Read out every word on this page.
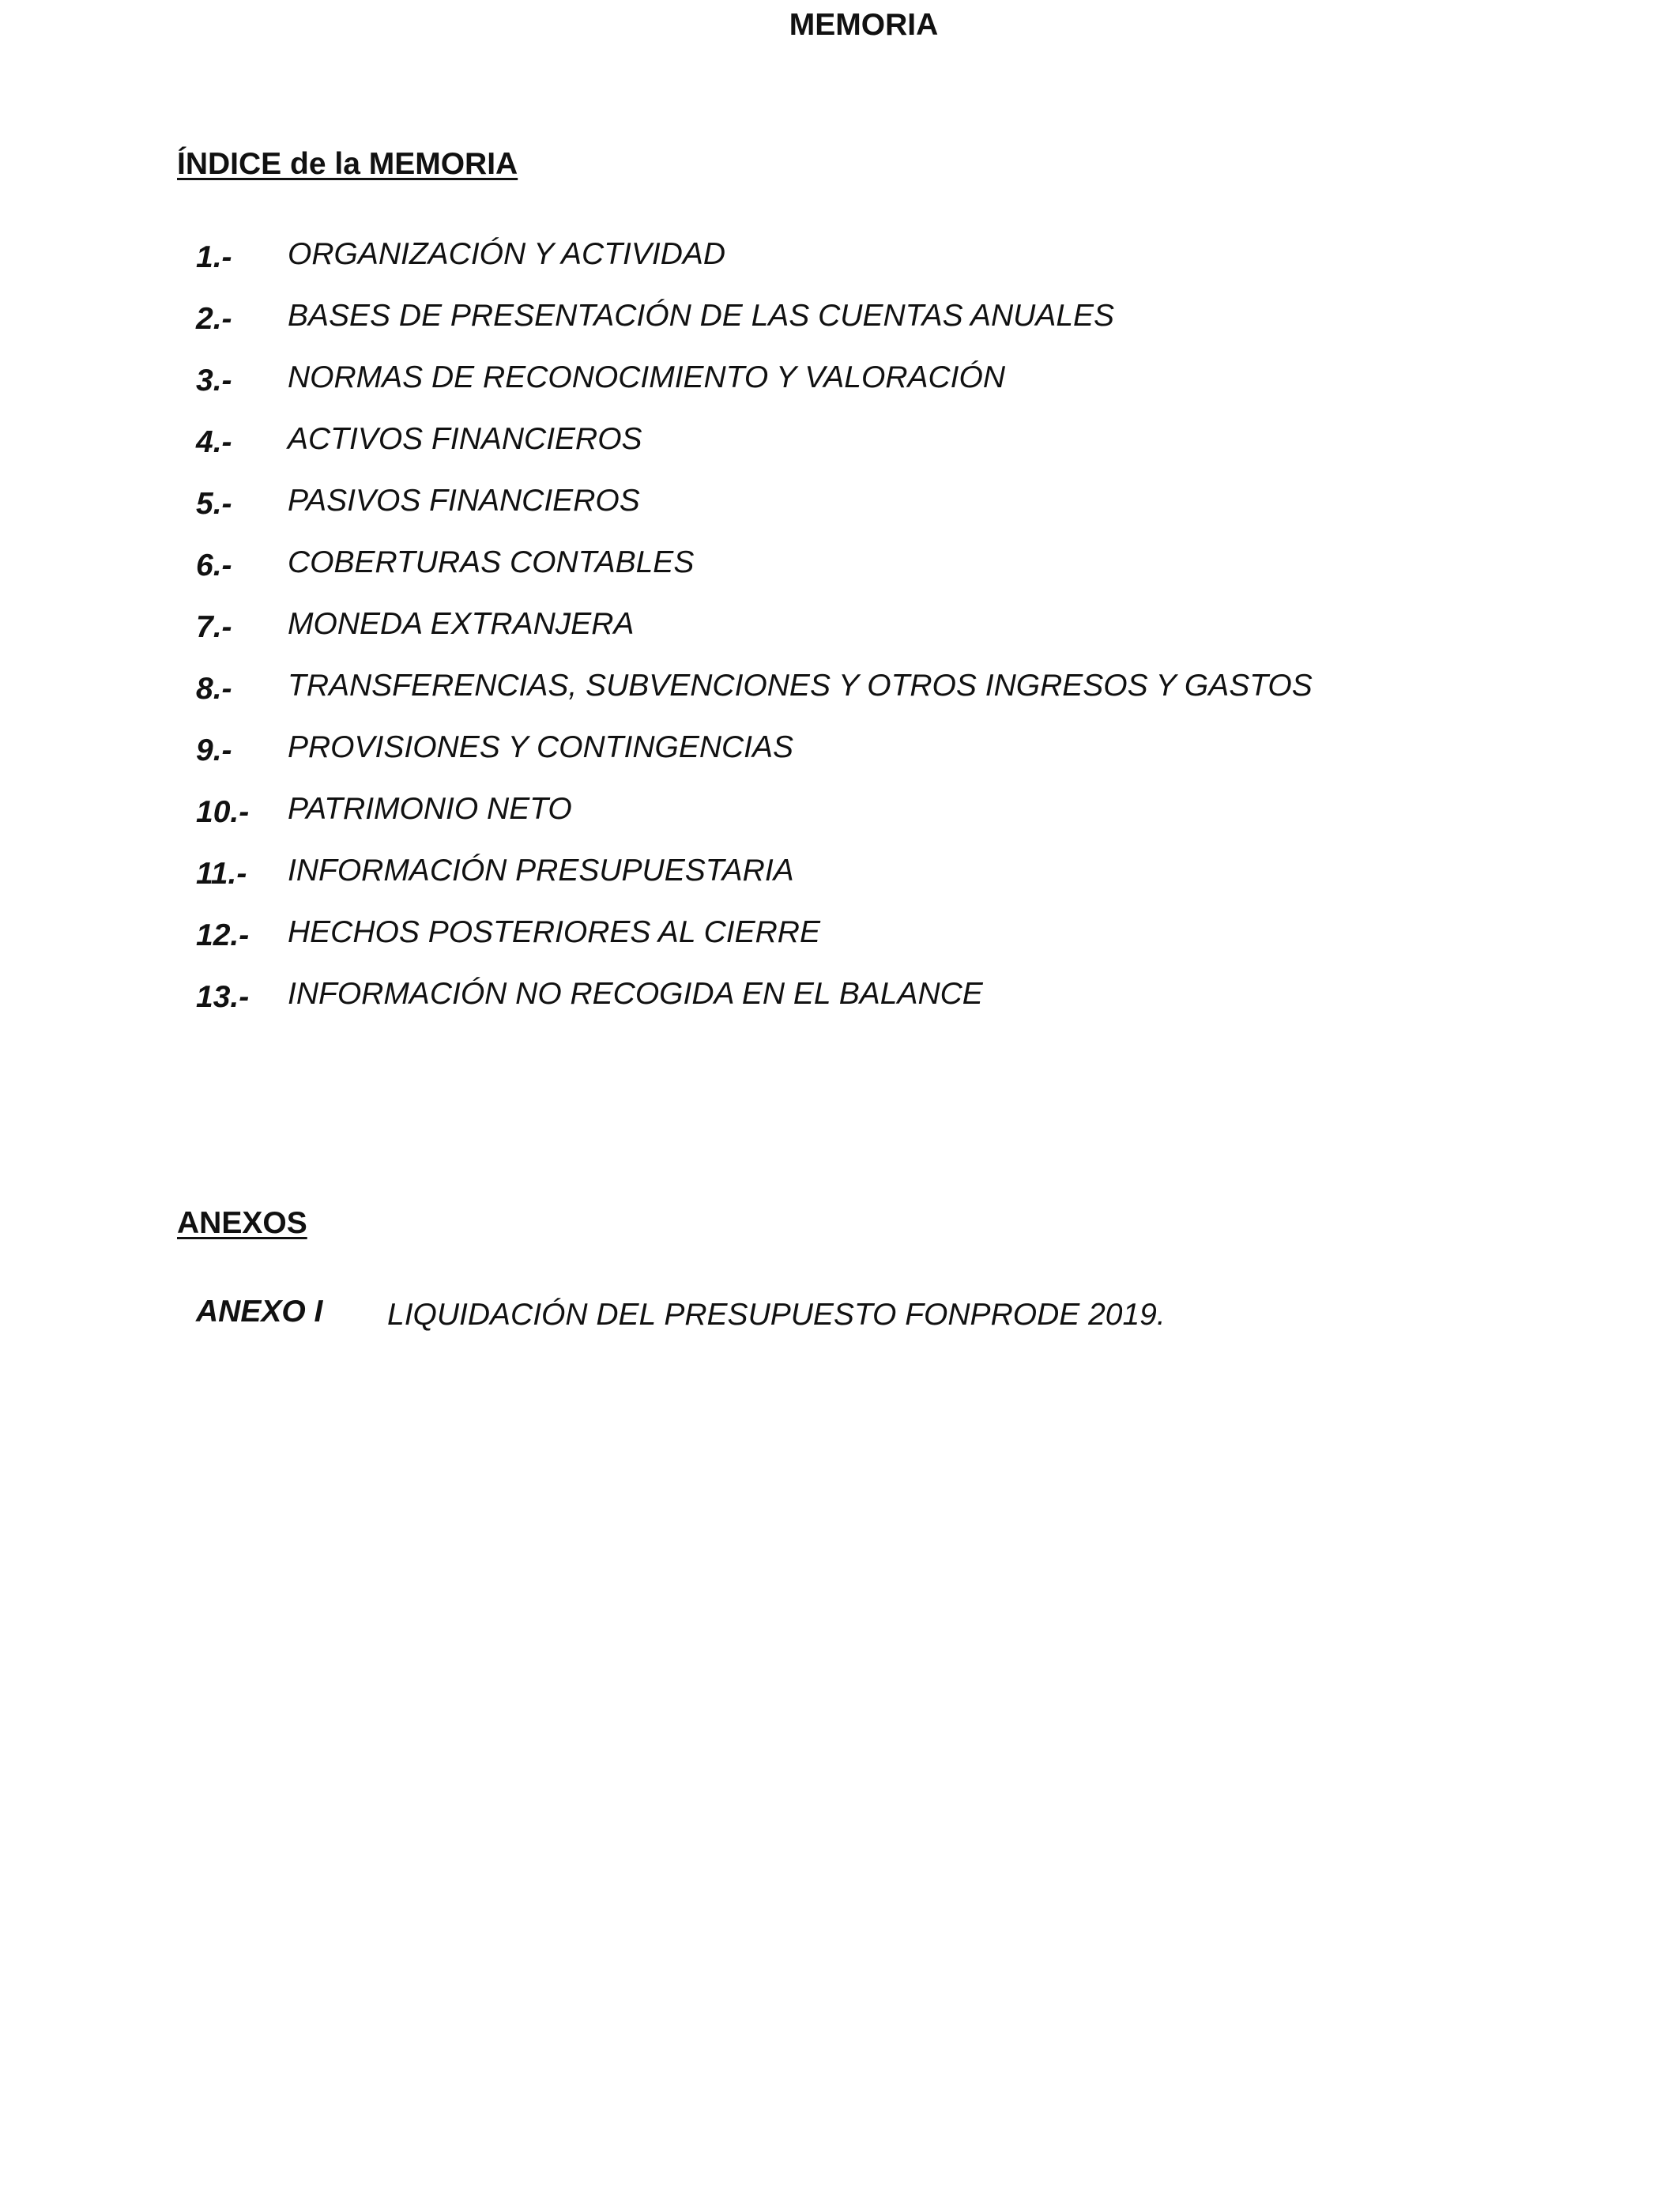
MEMORIA
ÍNDICE de la MEMORIA
1.- ORGANIZACIÓN Y ACTIVIDAD
2.- BASES DE PRESENTACIÓN DE LAS CUENTAS ANUALES
3.- NORMAS DE RECONOCIMIENTO Y VALORACIÓN
4.- ACTIVOS FINANCIEROS
5.- PASIVOS FINANCIEROS
6.- COBERTURAS CONTABLES
7.- MONEDA EXTRANJERA
8.- TRANSFERENCIAS, SUBVENCIONES Y OTROS INGRESOS Y GASTOS
9.- PROVISIONES Y CONTINGENCIAS
10.- PATRIMONIO NETO
11.- INFORMACIÓN PRESUPUESTARIA
12.- HECHOS POSTERIORES AL CIERRE
13.- INFORMACIÓN NO RECOGIDA EN EL BALANCE
ANEXOS
ANEXO I LIQUIDACIÓN DEL PRESUPUESTO FONPRODE 2019.
